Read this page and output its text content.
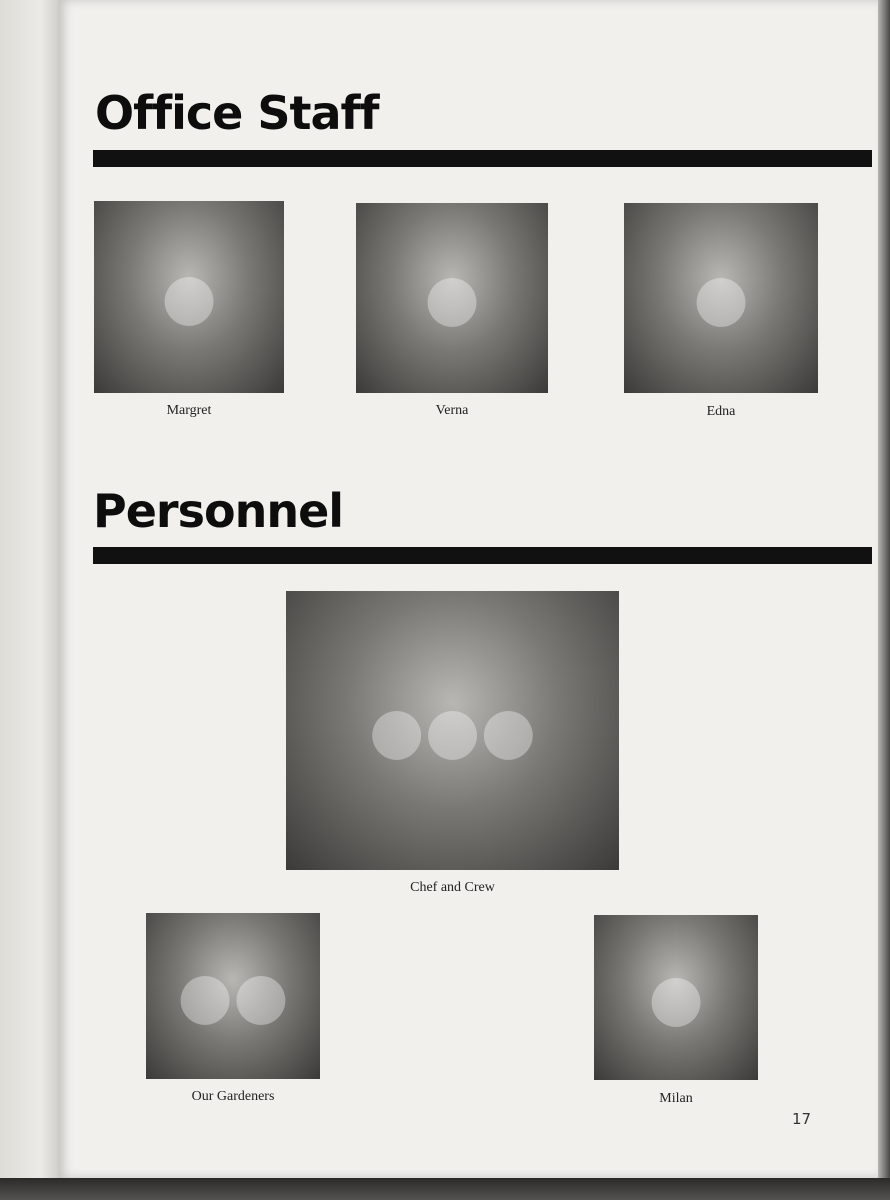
Office Staff
●

Margret

●

Verna

●

Edna

Personnel
●●●

Chef and Crew

●●

Our Gardeners

●

Milan

17
